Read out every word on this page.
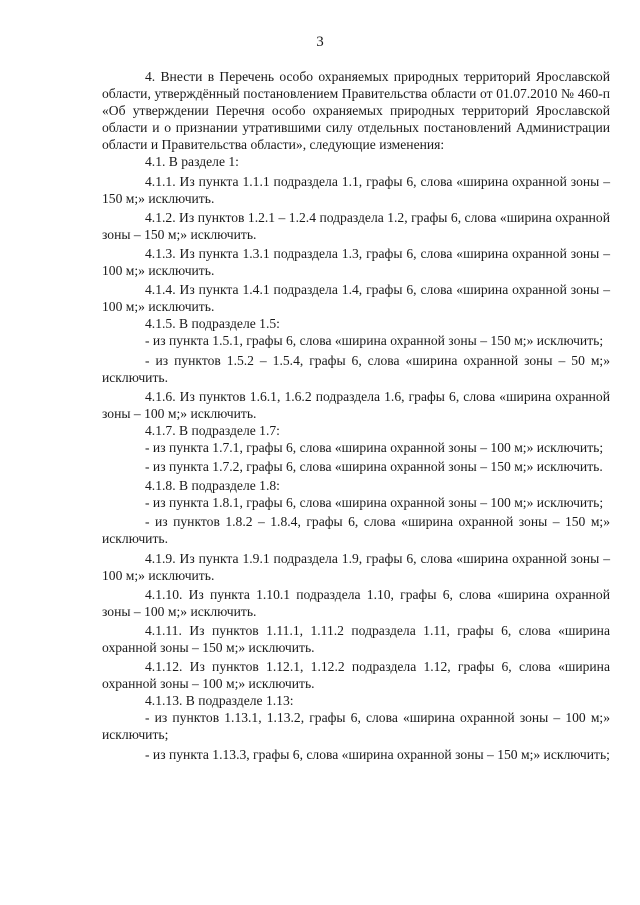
3

4. Внести в Перечень особо охраняемых природных территорий Ярославской области, утверждённый постановлением Правительства области от 01.07.2010 № 460-п «Об утверждении Перечня особо охраняемых природных территорий Ярославской области и о признании утратившими силу отдельных постановлений Администрации области и Правительства области», следующие изменения:

4.1. В разделе 1:

4.1.1. Из пункта 1.1.1 подраздела 1.1, графы 6, слова «ширина охранной зоны – 150 м;» исключить.

4.1.2. Из пунктов 1.2.1 – 1.2.4 подраздела 1.2, графы 6, слова «ширина охранной зоны – 150 м;» исключить.

4.1.3. Из пункта 1.3.1 подраздела 1.3, графы 6, слова «ширина охранной зоны – 100 м;» исключить.

4.1.4. Из пункта 1.4.1 подраздела 1.4, графы 6, слова «ширина охранной зоны – 100 м;» исключить.

4.1.5. В подразделе 1.5:

- из пункта 1.5.1, графы 6, слова «ширина охранной зоны – 150 м;» исключить;

- из пунктов 1.5.2 – 1.5.4, графы 6, слова «ширина охранной зоны – 50 м;» исключить.

4.1.6. Из пунктов 1.6.1, 1.6.2 подраздела 1.6, графы 6, слова «ширина охранной зоны – 100 м;» исключить.

4.1.7. В подразделе 1.7:

- из пункта 1.7.1, графы 6, слова «ширина охранной зоны – 100 м;» исключить;

- из пункта 1.7.2, графы 6, слова «ширина охранной зоны – 150 м;» исключить.

4.1.8. В подразделе 1.8:

- из пункта 1.8.1, графы 6, слова «ширина охранной зоны – 100 м;» исключить;

- из пунктов 1.8.2 – 1.8.4, графы 6, слова «ширина охранной зоны – 150 м;» исключить.

4.1.9. Из пункта 1.9.1 подраздела 1.9, графы 6, слова «ширина охранной зоны – 100 м;» исключить.

4.1.10. Из пункта 1.10.1 подраздела 1.10, графы 6, слова «ширина охранной зоны – 100 м;» исключить.

4.1.11. Из пунктов 1.11.1, 1.11.2 подраздела 1.11, графы 6, слова «ширина охранной зоны – 150 м;» исключить.

4.1.12. Из пунктов 1.12.1, 1.12.2 подраздела 1.12, графы 6, слова «ширина охранной зоны – 100 м;» исключить.

4.1.13. В подразделе 1.13:

- из пунктов 1.13.1, 1.13.2, графы 6, слова «ширина охранной зоны – 100 м;» исключить;

- из пункта 1.13.3, графы 6, слова «ширина охранной зоны – 150 м;» исключить;
